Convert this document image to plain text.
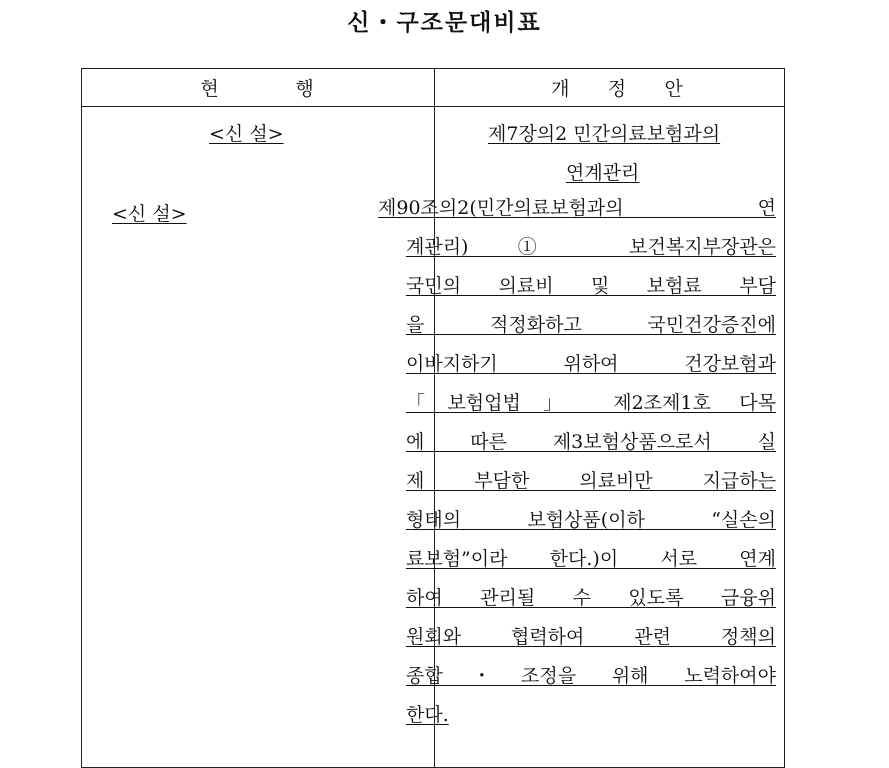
신・구조문대비표
현	행	개 정 안
<신 설>
<신 설>
제7장의2 민간의료보험과의
연계관리
제90조의2(민간의료보험과의 연
계관리) ① 보건복지부장관은
국민의 의료비 및 보험료 부담
을 적정화하고 국민건강증진에
이바지하기 위하여 건강보험과
「보험업법」 제2조제1호 다목
에 따른 제3보험상품으로서 실
제 부담한 의료비만 지급하는
형태의 보험상품(이하 “실손의
료보험”이라 한다.)이 서로 연계
하여 관리될 수 있도록 금융위
원회와 협력하여 관련 정책의
종합・조정을 위해 노력하여야
한다.
